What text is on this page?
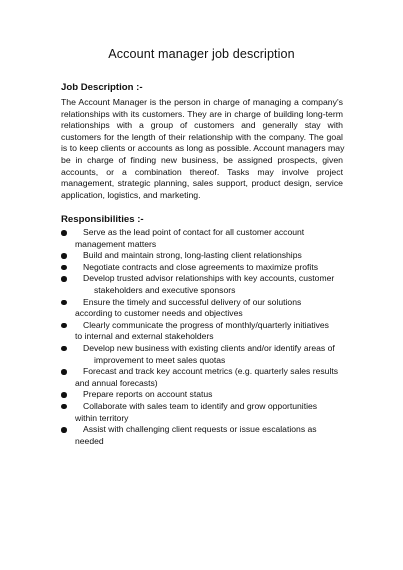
Account manager job description
Job Description :-
The Account Manager is the person in charge of managing a company's
relationships with its customers. They are in charge of building long-term
relationships with a group of customers and generally stay with
customers for the length of their relationship with the company. The goal
is to keep clients or accounts as long as possible. Account managers may
be in charge of finding new business, be assigned prospects, given
accounts, or a combination thereof. Tasks may involve project
management, strategic planning, sales support, product design, service
application, logistics, and marketing.
Responsibilities :-
Serve as the lead point of contact for all customer account
management matters
Build and maintain strong, long-lasting client relationships
Negotiate contracts and close agreements to maximize profits
Develop trusted advisor relationships with key accounts, customer
stakeholders and executive sponsors
Ensure the timely and successful delivery of our solutions
according to customer needs and objectives
Clearly communicate the progress of monthly/quarterly initiatives
to internal and external stakeholders
Develop new business with existing clients and/or identify areas of
improvement to meet sales quotas
Forecast and track key account metrics (e.g. quarterly sales results
and annual forecasts)
Prepare reports on account status
Collaborate with sales team to identify and grow opportunities
within territory
Assist with challenging client requests or issue escalations as
needed
